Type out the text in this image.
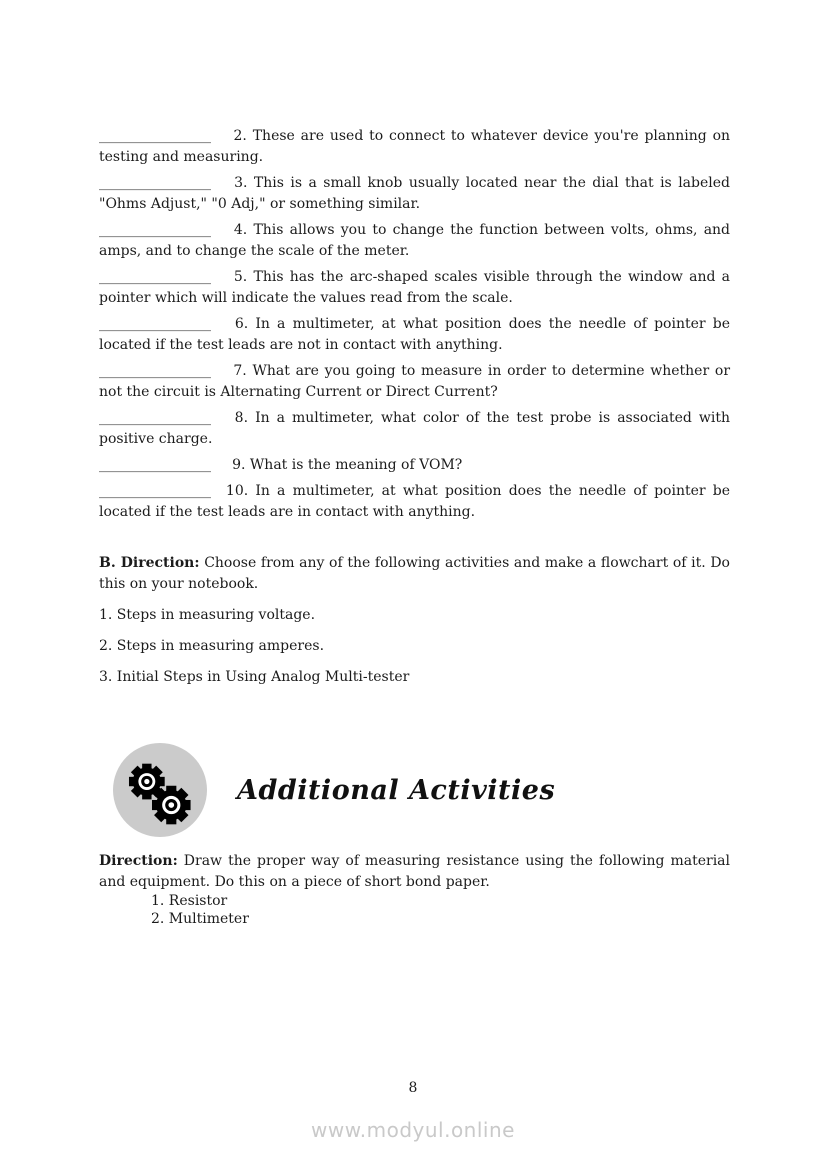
________________ 2. These are used to connect to whatever device you're planning on testing and measuring.

________________ 3. This is a small knob usually located near the dial that is labeled "Ohms Adjust," "0 Adj," or something similar.

________________ 4. This allows you to change the function between volts, ohms, and amps, and to change the scale of the meter.

________________ 5. This has the arc-shaped scales visible through the window and a pointer which will indicate the values read from the scale.

________________ 6. In a multimeter, at what position does the needle of pointer be located if the test leads are not in contact with anything.

________________ 7. What are you going to measure in order to determine whether or not the circuit is Alternating Current or Direct Current?

________________ 8. In a multimeter, what color of the test probe is associated with positive charge.

________________ 9. What is the meaning of VOM?

________________ 10. In a multimeter, at what position does the needle of pointer be located if the test leads are in contact with anything.

B. Direction: Choose from any of the following activities and make a flowchart of it. Do this on your notebook.

1. Steps in measuring voltage.

2. Steps in measuring amperes.

3. Initial Steps in Using Analog Multi-tester

Additional Activities

Direction: Draw the proper way of measuring resistance using the following material and equipment. Do this on a piece of short bond paper.

1. Resistor

2. Multimeter

8
www.modyul.online
